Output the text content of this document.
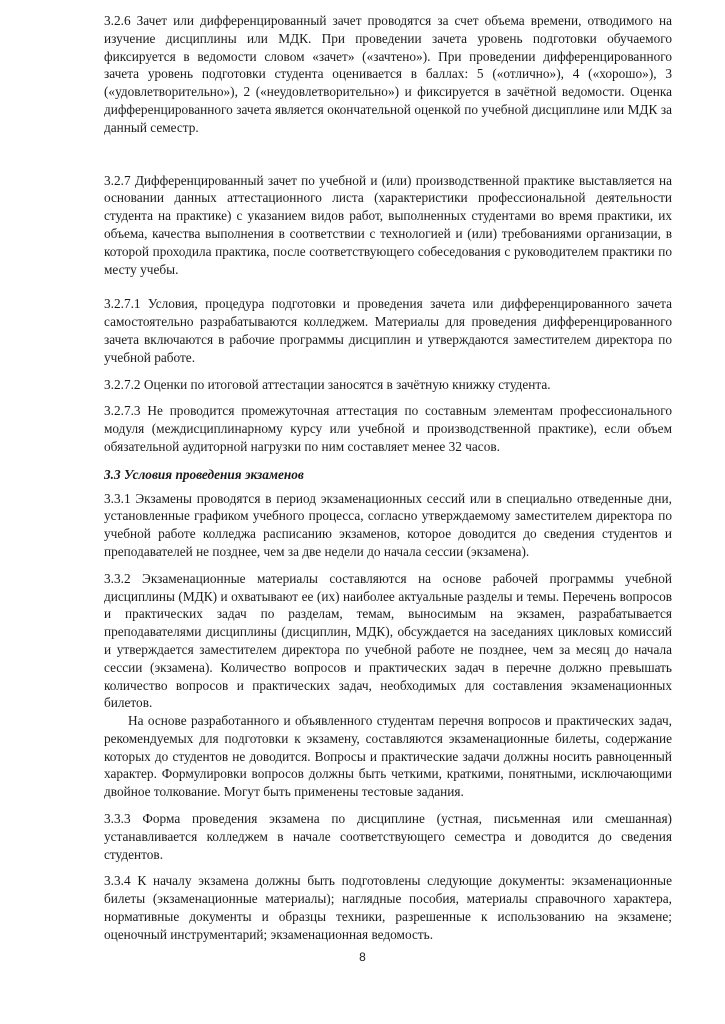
3.2.6 Зачет или дифференцированный зачет проводятся за счет объема времени, отводимого на изучение дисциплины или МДК. При проведении зачета уровень подготовки обучаемого фиксируется в ведомости словом «зачет» («зачтено»). При проведении дифференцированного зачета уровень подготовки студента оценивается в баллах: 5 («отлично»), 4 («хорошо»), 3 («удовлетворительно»), 2 («неудовлетворительно») и фиксируется в зачётной ведомости. Оценка дифференцированного зачета является окончательной оценкой по учебной дисциплине или МДК за данный семестр.

3.2.7 Дифференцированный зачет по учебной и (или) производственной практике выставляется на основании данных аттестационного листа (характеристики профессиональной деятельности студента на практике) с указанием видов работ, выполненных студентами во время практики, их объема, качества выполнения в соответствии с технологией и (или) требованиями организации, в которой проходила практика, после соответствующего собеседования с руководителем практики по месту учебы.

3.2.7.1 Условия, процедура подготовки и проведения зачета или дифференцированного зачета самостоятельно разрабатываются колледжем. Материалы для проведения дифференцированного зачета включаются в рабочие программы дисциплин и утверждаются заместителем директора по учебной работе.

3.2.7.2 Оценки по итоговой аттестации заносятся в зачётную книжку студента.

3.2.7.3 Не проводится промежуточная аттестация по составным элементам профессионального модуля (междисциплинарному курсу или учебной и производственной практике), если объем обязательной аудиторной нагрузки по ним составляет менее 32 часов.

3.3 Условия проведения экзаменов

3.3.1 Экзамены проводятся в период экзаменационных сессий или в специально отведенные дни, установленные графиком учебного процесса, согласно утверждаемому заместителем директора по учебной работе колледжа расписанию экзаменов, которое доводится до сведения студентов и преподавателей не позднее, чем за две недели до начала сессии (экзамена).

3.3.2 Экзаменационные материалы составляются на основе рабочей программы учебной дисциплины (МДК) и охватывают ее (их) наиболее актуальные разделы и темы. Перечень вопросов и практических задач по разделам, темам, выносимым на экзамен, разрабатывается преподавателями дисциплины (дисциплин, МДК), обсуждается на заседаниях цикловых комиссий и утверждается заместителем директора по учебной работе не позднее, чем за месяц до начала сессии (экзамена). Количество вопросов и практических задач в перечне должно превышать количество вопросов и практических задач, необходимых для составления экзаменационных билетов.

На основе разработанного и объявленного студентам перечня вопросов и практических задач, рекомендуемых для подготовки к экзамену, составляются экзаменационные билеты, содержание которых до студентов не доводится. Вопросы и практические задачи должны носить равноценный характер. Формулировки вопросов должны быть четкими, краткими, понятными, исключающими двойное толкование. Могут быть применены тестовые задания.

3.3.3 Форма проведения экзамена по дисциплине (устная, письменная или смешанная) устанавливается колледжем в начале соответствующего семестра и доводится до сведения студентов.

3.3.4 К началу экзамена должны быть подготовлены следующие документы: экзаменационные билеты (экзаменационные материалы); наглядные пособия, материалы справочного характера, нормативные документы и образцы техники, разрешенные к использованию на экзамене; оценочный инструментарий; экзаменационная ведомость.

8
